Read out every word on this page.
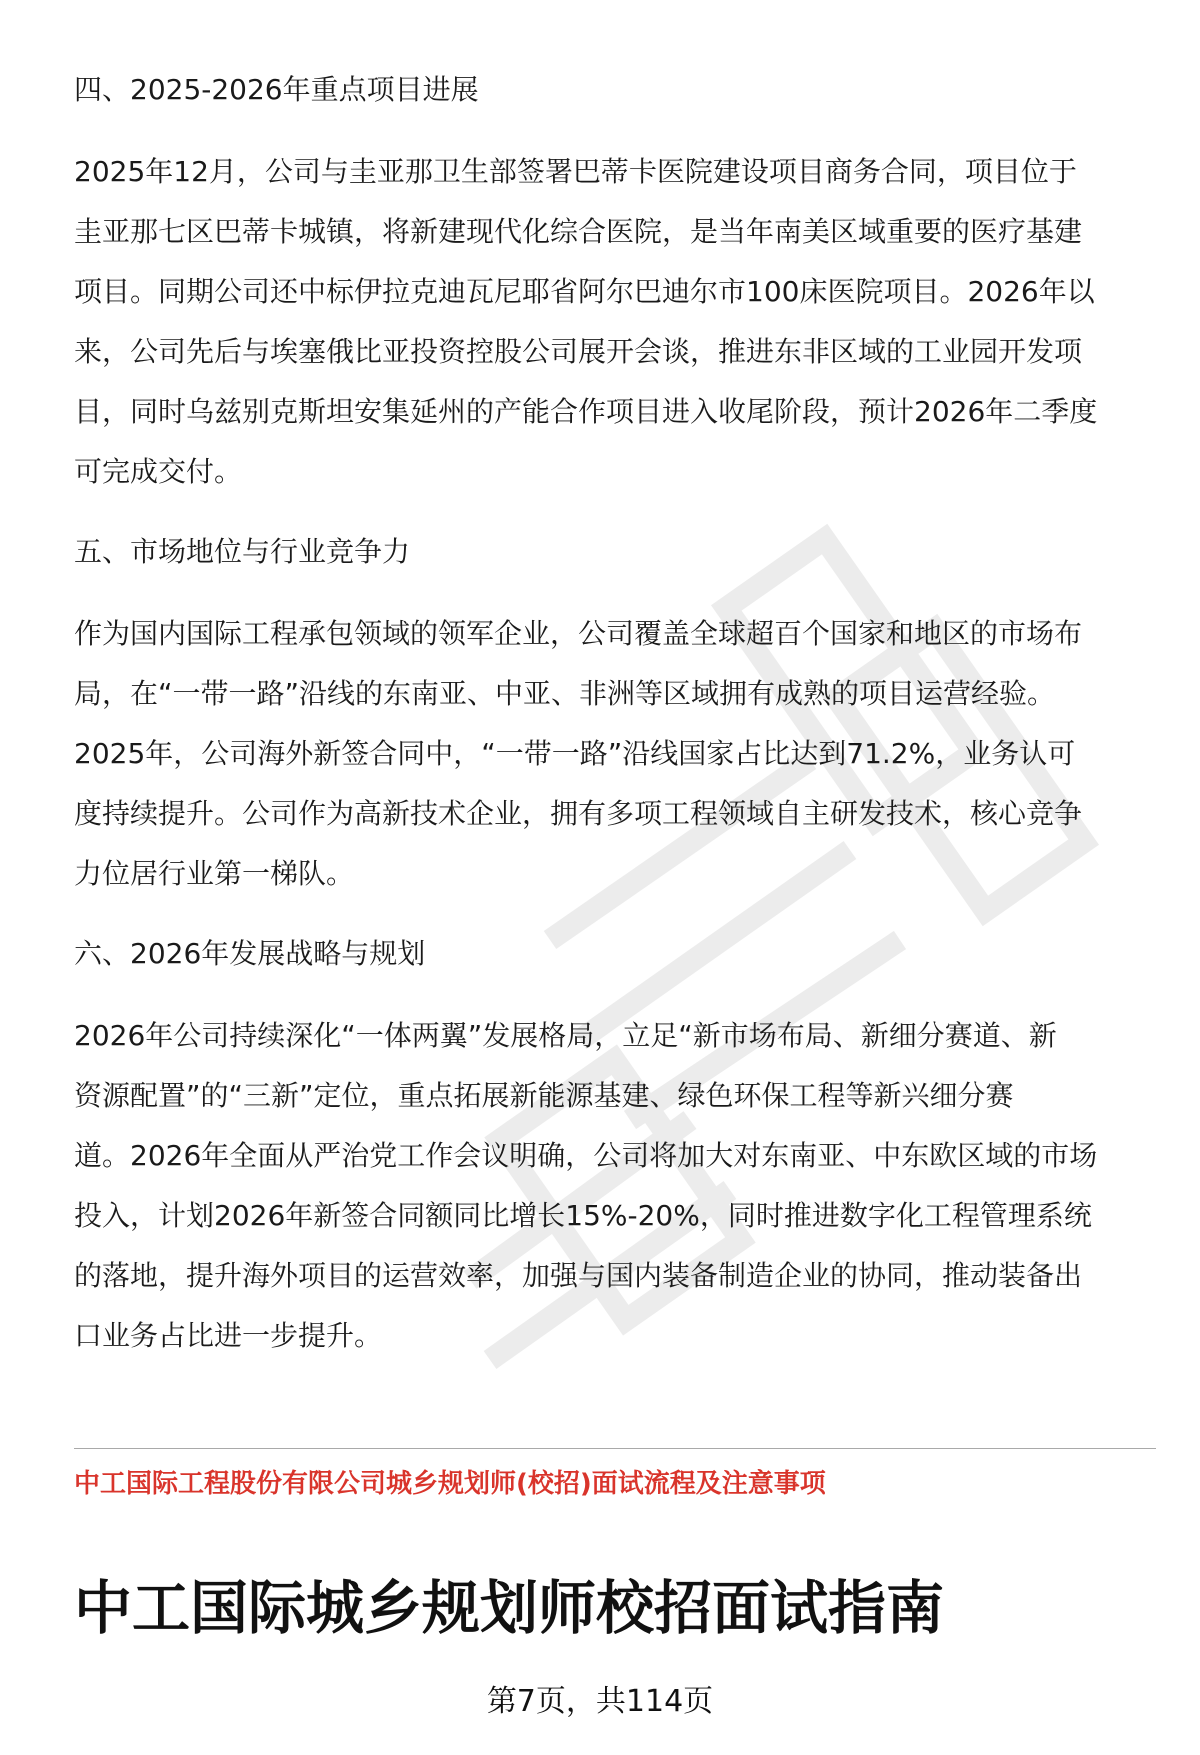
四、2025-2026年重点项目进展
2025年12月，公司与圭亚那卫生部签署巴蒂卡医院建设项目商务合同，项目位于
圭亚那七区巴蒂卡城镇，将新建现代化综合医院，是当年南美区域重要的医疗基建
项目。同期公司还中标伊拉克迪瓦尼耶省阿尔巴迪尔市100床医院项目。2026年以
来，公司先后与埃塞俄比亚投资控股公司展开会谈，推进东非区域的工业园开发项
目，同时乌兹别克斯坦安集延州的产能合作项目进入收尾阶段，预计2026年二季度
可完成交付。
五、市场地位与行业竞争力
作为国内国际工程承包领域的领军企业，公司覆盖全球超百个国家和地区的市场布
局，在“一带一路”沿线的东南亚、中亚、非洲等区域拥有成熟的项目运营经验。
2025年，公司海外新签合同中，“一带一路”沿线国家占比达到71.2%，业务认可
度持续提升。公司作为高新技术企业，拥有多项工程领域自主研发技术，核心竞争
力位居行业第一梯队。
六、2026年发展战略与规划
2026年公司持续深化“一体两翼”发展格局，立足“新市场布局、新细分赛道、新
资源配置”的“三新”定位，重点拓展新能源基建、绿色环保工程等新兴细分赛
道。2026年全面从严治党工作会议明确，公司将加大对东南亚、中东欧区域的市场
投入，计划2026年新签合同额同比增长15%-20%，同时推进数字化工程管理系统
的落地，提升海外项目的运营效率，加强与国内装备制造企业的协同，推动装备出
口业务占比进一步提升。
中工国际工程股份有限公司城乡规划师(校招)面试流程及注意事项
中工国际城乡规划师校招面试指南
第7页，共114页
